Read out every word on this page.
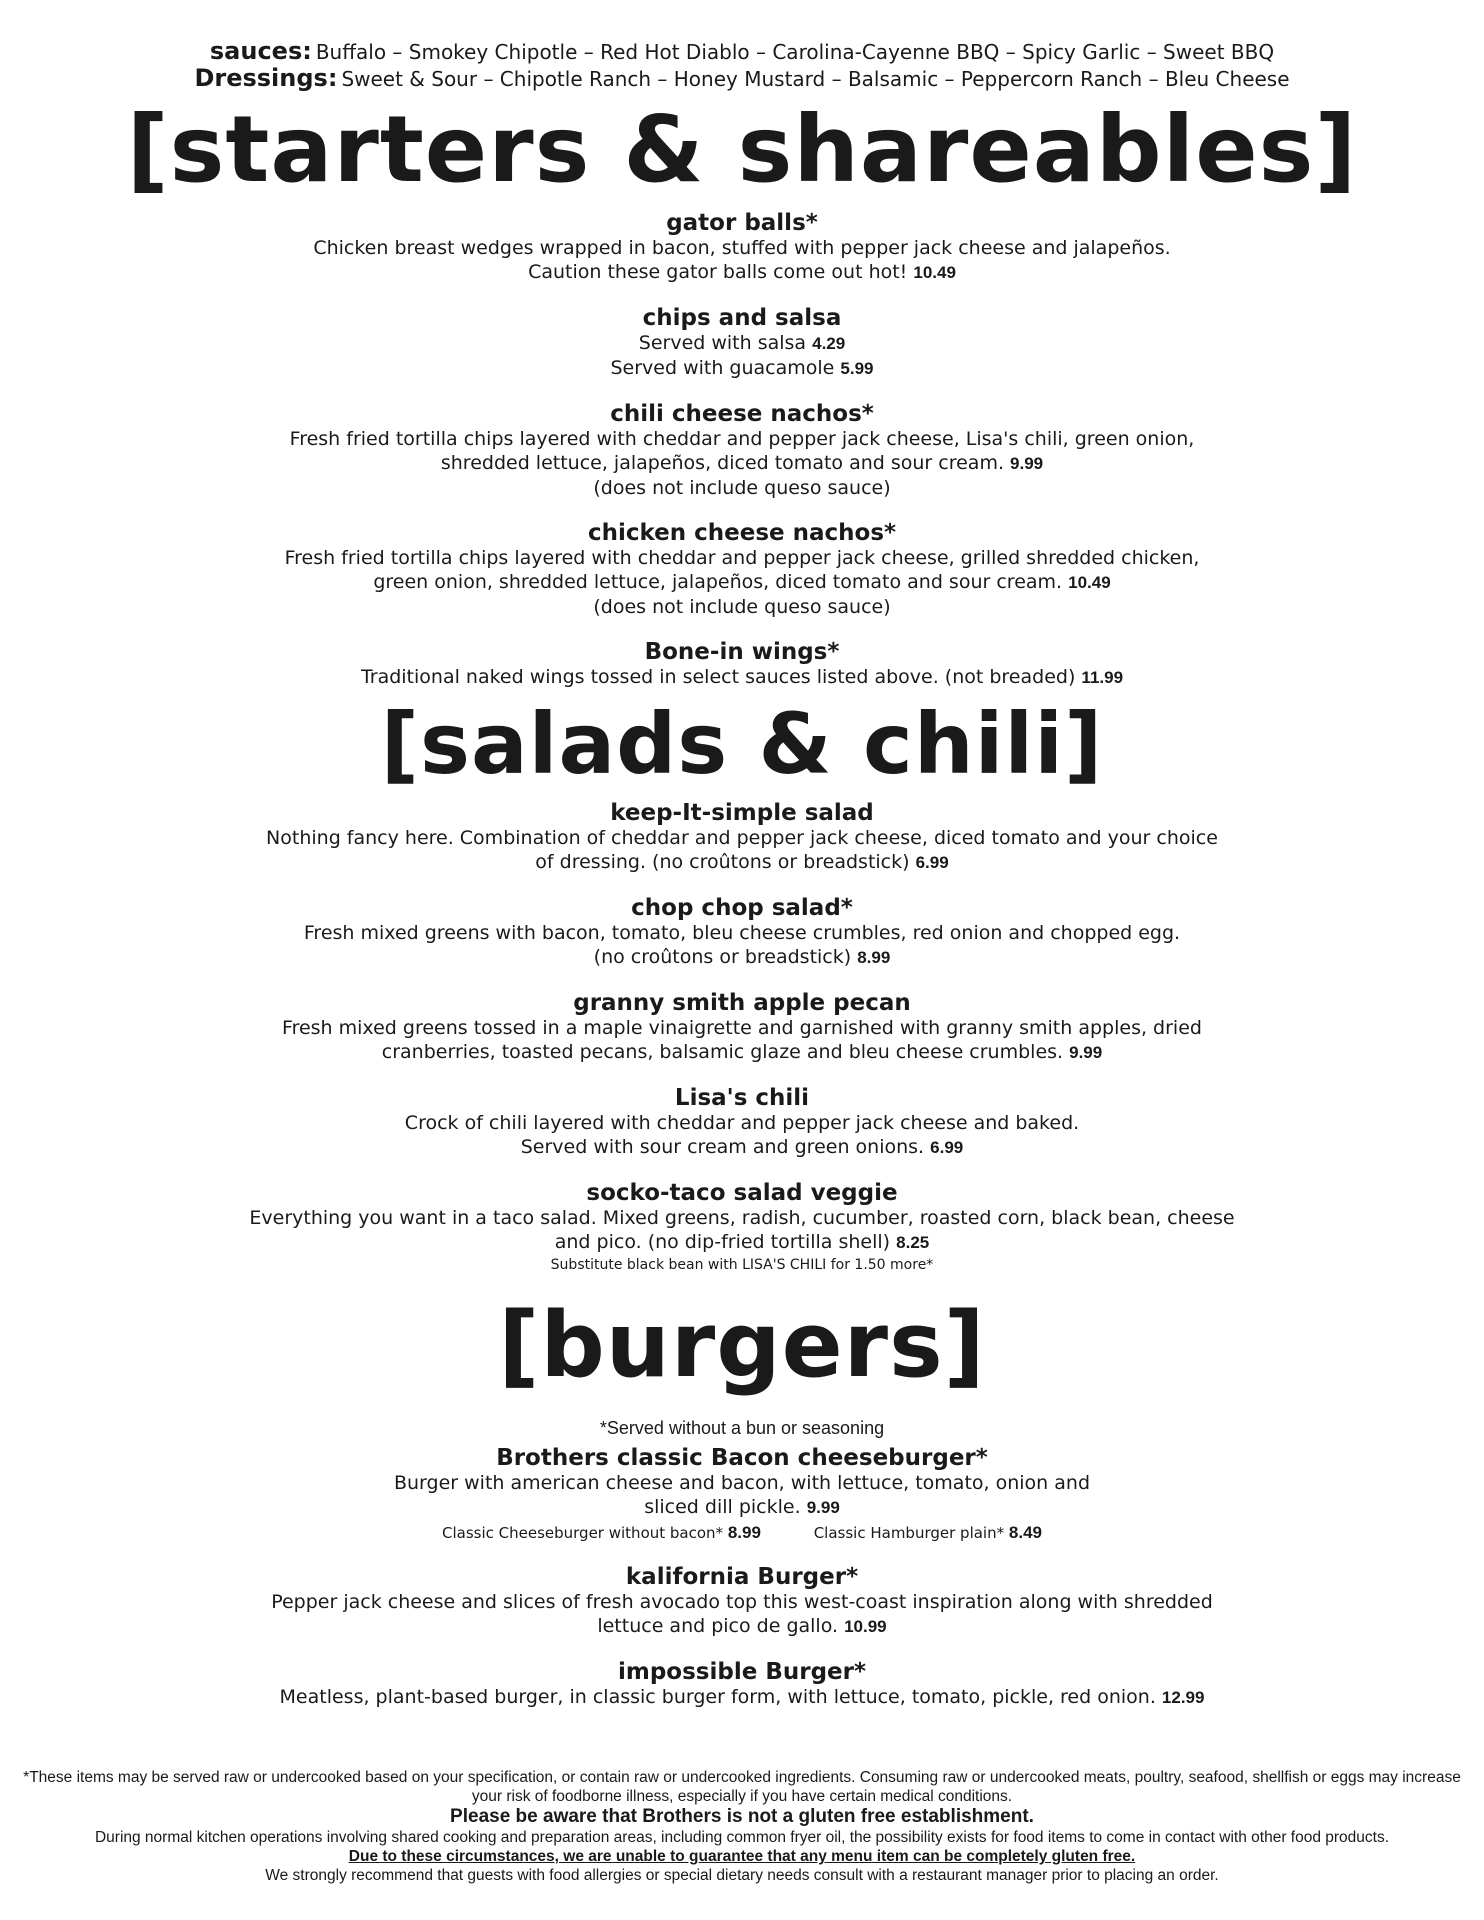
sauces: Buffalo – Smokey Chipotle – Red Hot Diablo – Carolina-Cayenne BBQ – Spicy Garlic – Sweet BBQ

Dressings: Sweet & Sour – Chipotle Ranch – Honey Mustard – Balsamic – Peppercorn Ranch – Bleu Cheese

[starters & shareables]

gator balls*

Chicken breast wedges wrapped in bacon, stuffed with pepper jack cheese and jalapeños.

Caution these gator balls come out hot! 10.49

chips and salsa

Served with salsa 4.29

Served with guacamole 5.99

chili cheese nachos*

Fresh fried tortilla chips layered with cheddar and pepper jack cheese, Lisa's chili, green onion,

shredded lettuce, jalapeños, diced tomato and sour cream. 9.99

(does not include queso sauce)

chicken cheese nachos*

Fresh fried tortilla chips layered with cheddar and pepper jack cheese, grilled shredded chicken,

green onion, shredded lettuce, jalapeños, diced tomato and sour cream. 10.49

(does not include queso sauce)

Bone-in wings*

Traditional naked wings tossed in select sauces listed above. (not breaded) 11.99

[salads & chili]

keep-It-simple salad

Nothing fancy here. Combination of cheddar and pepper jack cheese, diced tomato and your choice

of dressing. (no croûtons or breadstick) 6.99

chop chop salad*

Fresh mixed greens with bacon, tomato, bleu cheese crumbles, red onion and chopped egg.

(no croûtons or breadstick) 8.99

granny smith apple pecan

Fresh mixed greens tossed in a maple vinaigrette and garnished with granny smith apples, dried

cranberries, toasted pecans, balsamic glaze and bleu cheese crumbles. 9.99

Lisa's chili

Crock of chili layered with cheddar and pepper jack cheese and baked.

Served with sour cream and green onions. 6.99

socko-taco salad veggie

Everything you want in a taco salad. Mixed greens, radish, cucumber, roasted corn, black bean, cheese

and pico. (no dip-fried tortilla shell) 8.25

Substitute black bean with LISA'S CHILI for 1.50 more*

[burgers]

*Served without a bun or seasoning

Brothers classic Bacon cheeseburger*

Burger with american cheese and bacon, with lettuce, tomato, onion and

sliced dill pickle. 9.99

Classic Cheeseburger without bacon* 8.99	Classic Hamburger plain* 8.49

kalifornia Burger*

Pepper jack cheese and slices of fresh avocado top this west-coast inspiration along with shredded

lettuce and pico de gallo. 10.99

impossible Burger*

Meatless, plant-based burger, in classic burger form, with lettuce, tomato, pickle, red onion. 12.99

*These items may be served raw or undercooked based on your specification, or contain raw or undercooked ingredients. Consuming raw or undercooked meats, poultry, seafood, shellfish or eggs may increase your risk of foodborne illness, especially if you have certain medical conditions.

Please be aware that Brothers is not a gluten free establishment.

During normal kitchen operations involving shared cooking and preparation areas, including common fryer oil, the possibility exists for food items to come in contact with other food products.

Due to these circumstances, we are unable to guarantee that any menu item can be completely gluten free.

We strongly recommend that guests with food allergies or special dietary needs consult with a restaurant manager prior to placing an order.
